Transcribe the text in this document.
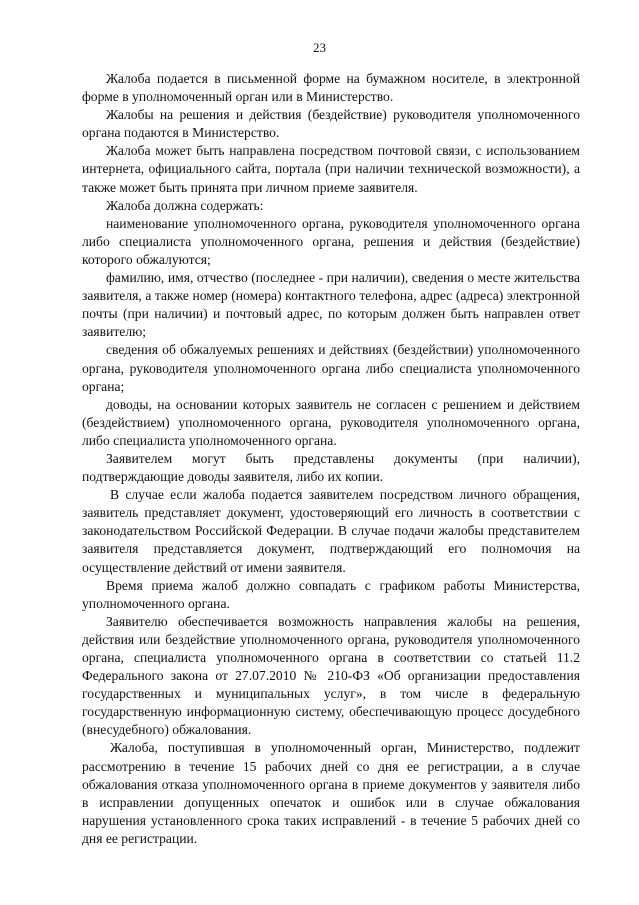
23

Жалоба подается в письменной форме на бумажном носителе, в электронной форме в уполномоченный орган или в Министерство.

Жалобы на решения и действия (бездействие) руководителя уполномоченного органа подаются в Министерство.

Жалоба может быть направлена посредством почтовой связи, с использованием интернета, официального сайта, портала (при наличии технической возможности), а также может быть принята при личном приеме заявителя.

Жалоба должна содержать:

наименование уполномоченного органа, руководителя уполномоченного органа либо специалиста уполномоченного органа, решения и действия (бездействие) которого обжалуются;

фамилию, имя, отчество (последнее - при наличии), сведения о месте жительства заявителя, а также номер (номера) контактного телефона, адрес (адреса) электронной почты (при наличии) и почтовый адрес, по которым должен быть направлен ответ заявителю;

сведения об обжалуемых решениях и действиях (бездействии) уполномоченного органа, руководителя уполномоченного органа либо специалиста уполномоченного органа;

доводы, на основании которых заявитель не согласен с решением и действием (бездействием) уполномоченного органа, руководителя уполномоченного органа, либо специалиста уполномоченного органа.

Заявителем могут быть представлены документы (при наличии), подтверждающие доводы заявителя, либо их копии.

В случае если жалоба подается заявителем посредством личного обращения, заявитель представляет документ, удостоверяющий его личность в соответствии с законодательством Российской Федерации. В случае подачи жалобы представителем заявителя представляется документ, подтверждающий его полномочия на осуществление действий от имени заявителя.

Время приема жалоб должно совпадать с графиком работы Министерства, уполномоченного органа.

Заявителю обеспечивается возможность направления жалобы на решения, действия или бездействие уполномоченного органа, руководителя уполномоченного органа, специалиста уполномоченного органа в соответствии со статьей 11.2 Федерального закона от 27.07.2010 № 210-ФЗ «Об организации предоставления государственных и муниципальных услуг», в том числе в федеральную государственную информационную систему, обеспечивающую процесс досудебного (внесудебного) обжалования.

Жалоба, поступившая в уполномоченный орган, Министерство, подлежит рассмотрению в течение 15 рабочих дней со дня ее регистрации, а в случае обжалования отказа уполномоченного органа в приеме документов у заявителя либо в исправлении допущенных опечаток и ошибок или в случае обжалования нарушения установленного срока таких исправлений - в течение 5 рабочих дней со дня ее регистрации.
